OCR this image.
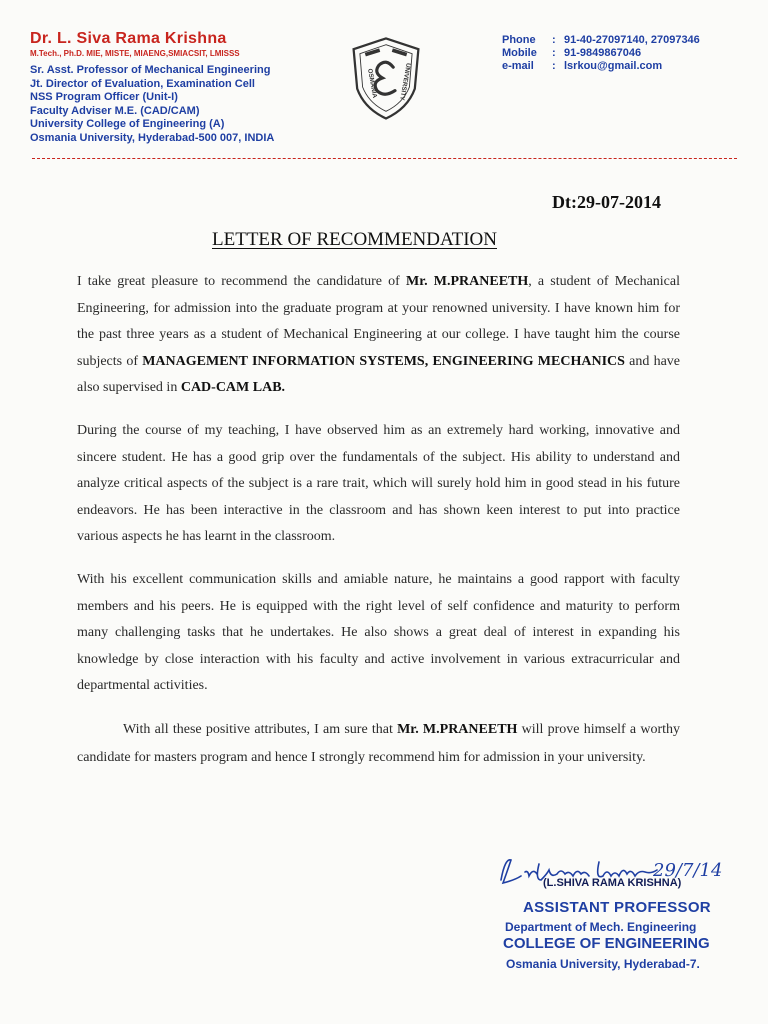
Dr. L. Siva Rama Krishna
M.Tech., Ph.D. MIE, MISTE, MIAENG,SMIACSIT, LMISSS
Sr. Asst. Professor of Mechanical Engineering
Jt. Director of Evaluation, Examination Cell
NSS Program Officer (Unit-I)
Faculty Adviser M.E. (CAD/CAM)
University College of Engineering (A)
Osmania University, Hyderabad-500 007, INDIA
OSMANIA	UNIVERSITY
Phone	: 91-40-27097140, 27097346
Mobile	: 91-9849867046
e-mail	: lsrkou@gmail.com
Dt:29-07-2014
LETTER OF RECOMMENDATION
I take great pleasure to recommend the candidature of Mr. M.PRANEETH, a student of Mechanical Engineering, for admission into the graduate program at your renowned university. I have known him for the past three years as a student of Mechanical Engineering at our college. I have taught him the course subjects of MANAGEMENT INFORMATION SYSTEMS, ENGINEERING MECHANICS and have also supervised in CAD-CAM LAB.
During the course of my teaching, I have observed him as an extremely hard working, innovative and sincere student. He has a good grip over the fundamentals of the subject. His ability to understand and analyze critical aspects of the subject is a rare trait, which will surely hold him in good stead in his future endeavors. He has been interactive in the classroom and has shown keen interest to put into practice various aspects he has learnt in the classroom.
With his excellent communication skills and amiable nature, he maintains a good rapport with faculty members and his peers. He is equipped with the right level of self confidence and maturity to perform many challenging tasks that he undertakes. He also shows a great deal of interest in expanding his knowledge by close interaction with his faculty and active involvement in various extracurricular and departmental activities.
With all these positive attributes, I am sure that Mr. M.PRANEETH will prove himself a worthy candidate for masters program and hence I strongly recommend him for admission in your university.
29/7/14
(L.SHIVA RAMA KRISHNA)
ASSISTANT PROFESSOR
Department of Mech. Engineering
COLLEGE OF ENGINEERING
Osmania University, Hyderabad-7.
